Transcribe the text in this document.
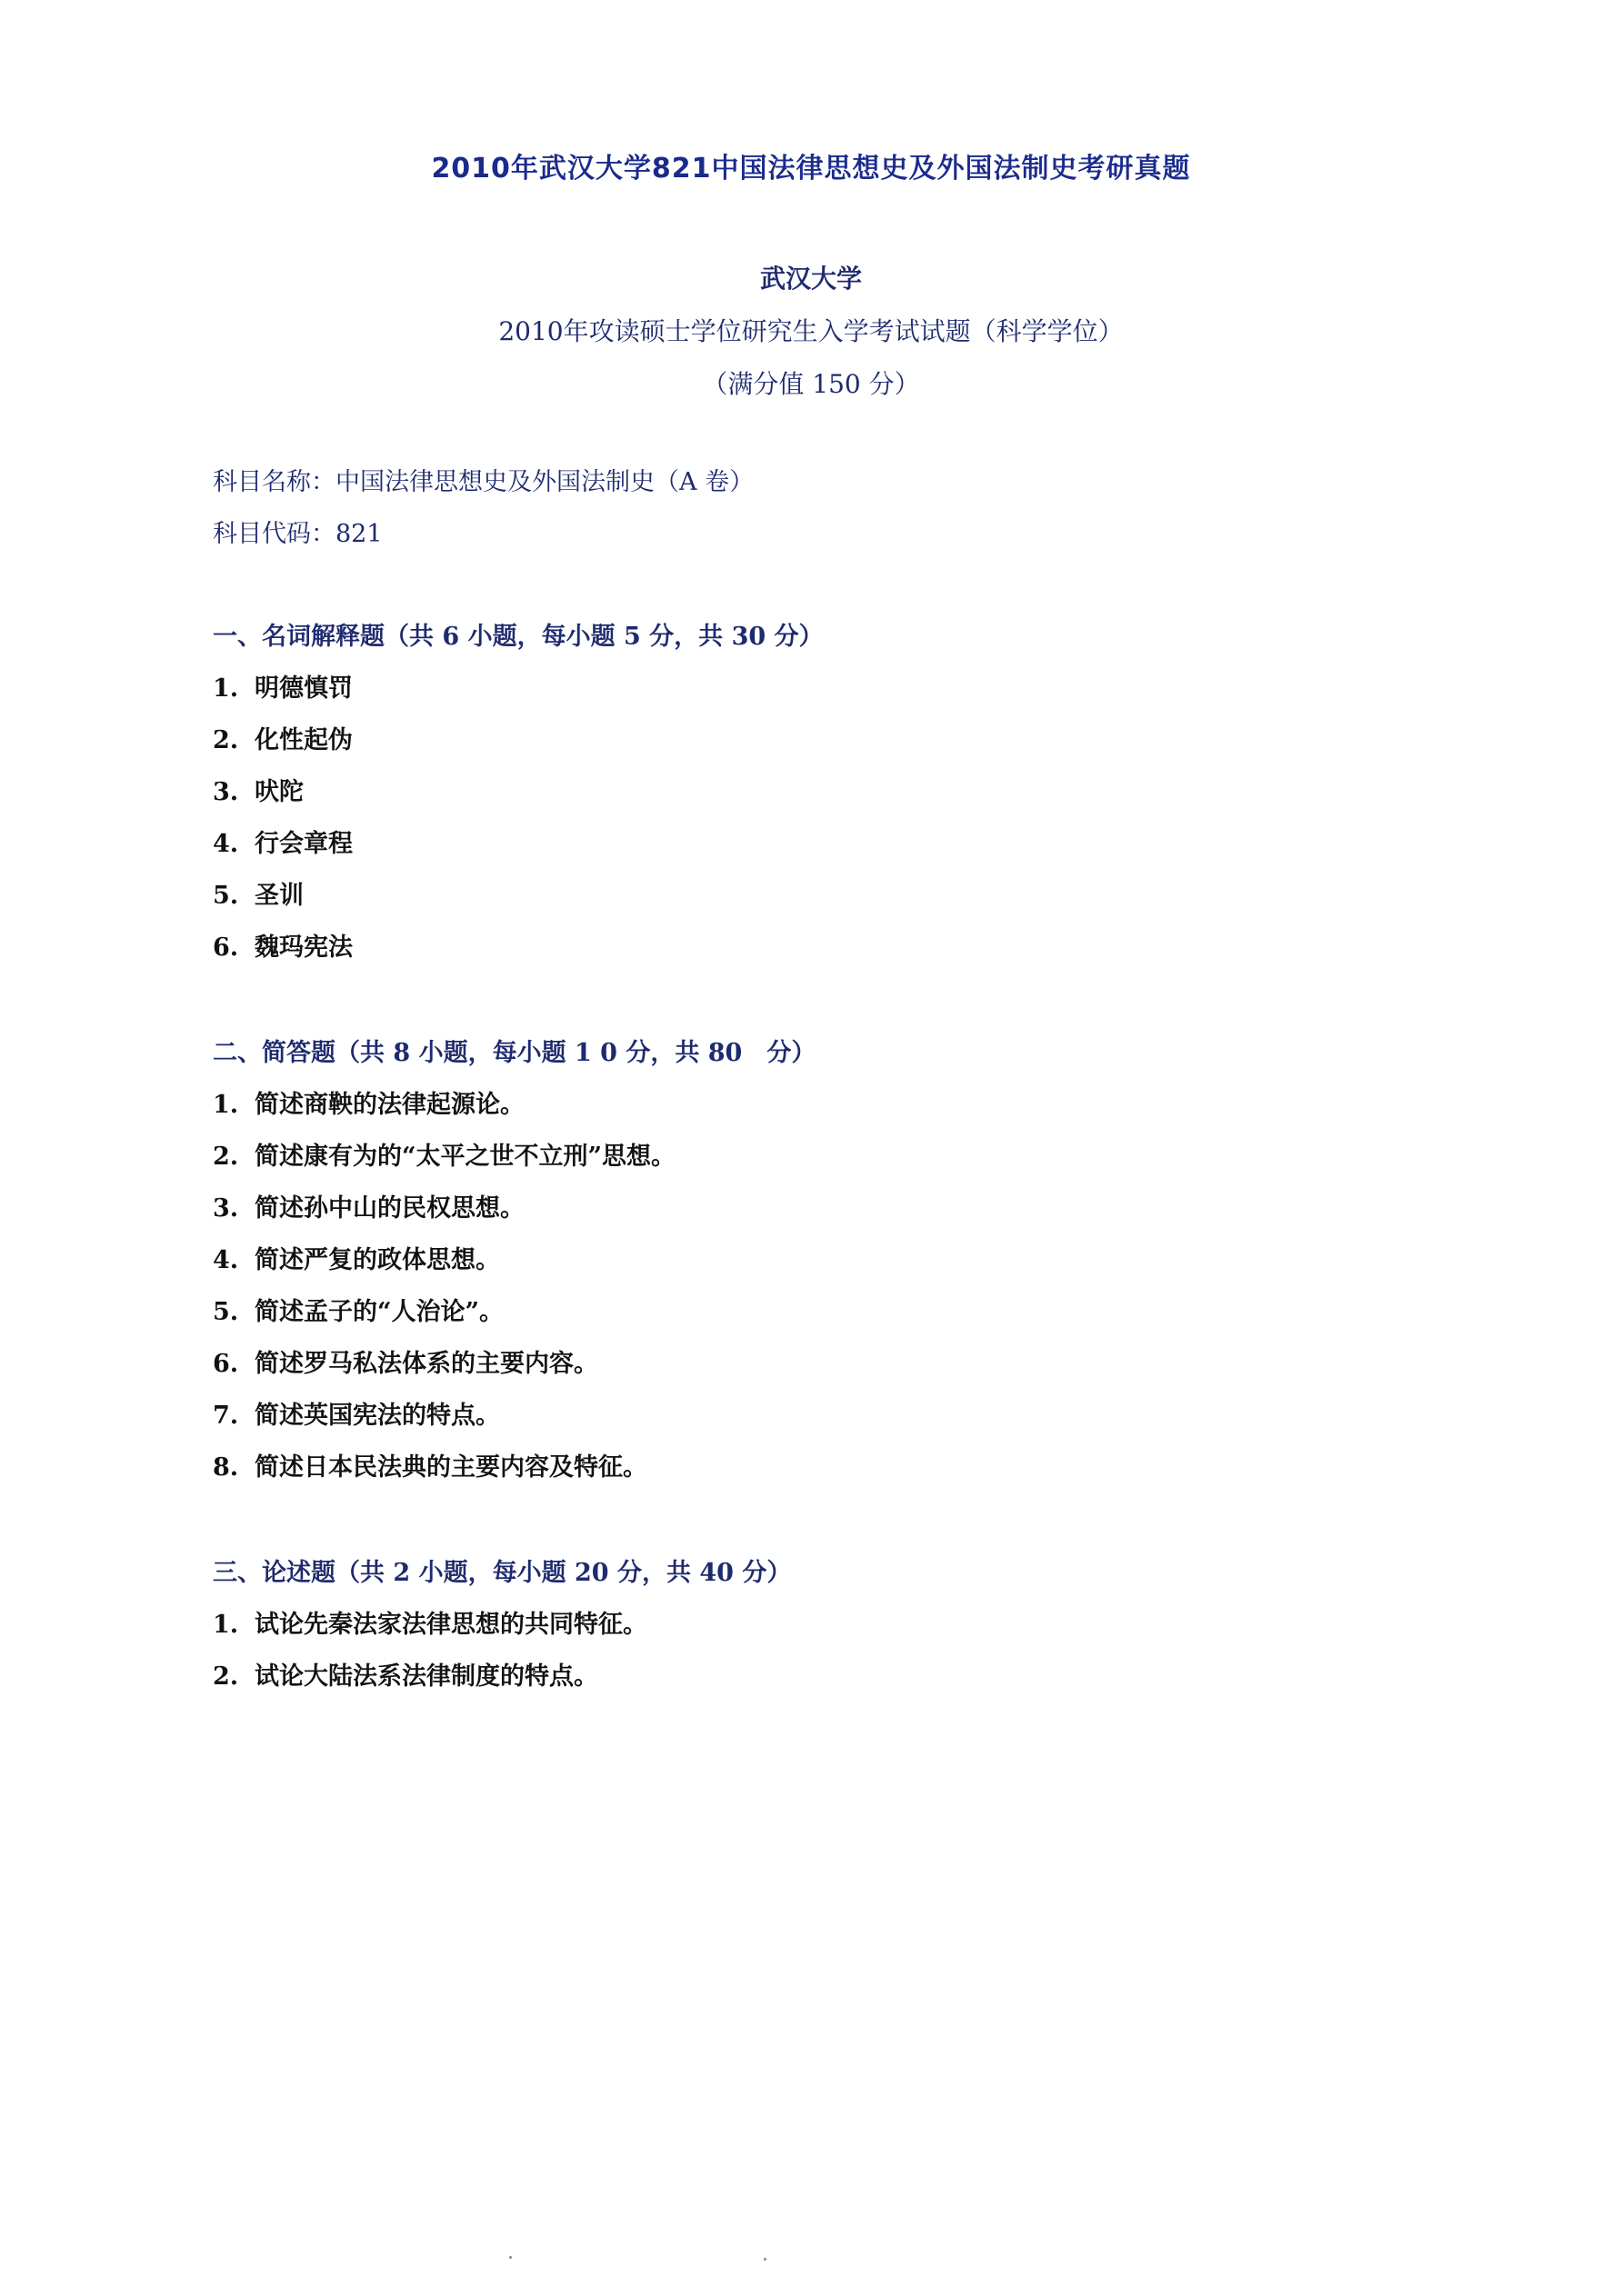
2010年武汉大学821中国法律思想史及外国法制史考研真题
武汉大学
2010年攻读硕士学位研究生入学考试试题（科学学位）
（满分值 150 分）
科目名称：中国法律思想史及外国法制史（A 卷）
科目代码：821
一、名词解释题（共 6 小题，每小题 5 分，共 30 分）
1. 明德慎罚
2. 化性起伪
3. 吠陀
4. 行会章程
5. 圣训
6. 魏玛宪法
二、简答题（共 8 小题，每小题 1 0 分，共 80　分）
1. 简述商鞅的法律起源论。
2. 简述康有为的“太平之世不立刑”思想。
3. 简述孙中山的民权思想。
4. 简述严复的政体思想。
5. 简述孟子的“人治论”。
6. 简述罗马私法体系的主要内容。
7. 简述英国宪法的特点。
8. 简述日本民法典的主要内容及特征。
三、论述题（共 2 小题，每小题 20 分，共 40 分）
1. 试论先秦法家法律思想的共同特征。
2. 试论大陆法系法律制度的特点。
